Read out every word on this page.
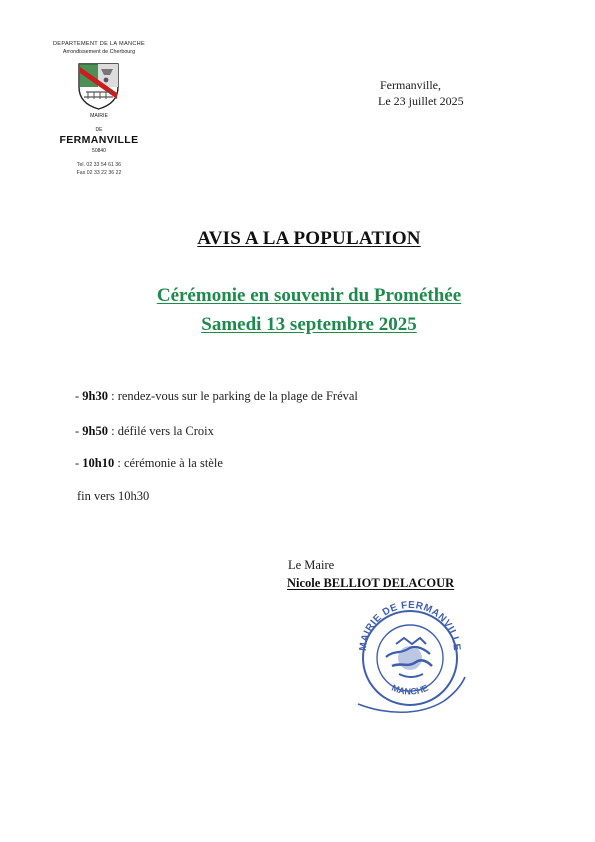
DEPARTEMENT DE LA MANCHE
Arrondissement de Cherbourg
MAIRIE
DE
FERMANVILLE
50840
Tel. 02 33 54 61 36
Fax 02 33 22 36 22
Fermanville,
Le 23 juillet 2025
AVIS A LA POPULATION
Cérémonie en souvenir du Prométhée
Samedi 13 septembre 2025
- 9h30 : rendez-vous sur le parking de la plage de Fréval
- 9h50 : défilé vers la Croix
- 10h10 : cérémonie à la stèle
fin vers 10h30
Le Maire
Nicole BELLIOT DELACOUR
MAIRIE DE FERMANVILLE
MANCHE
